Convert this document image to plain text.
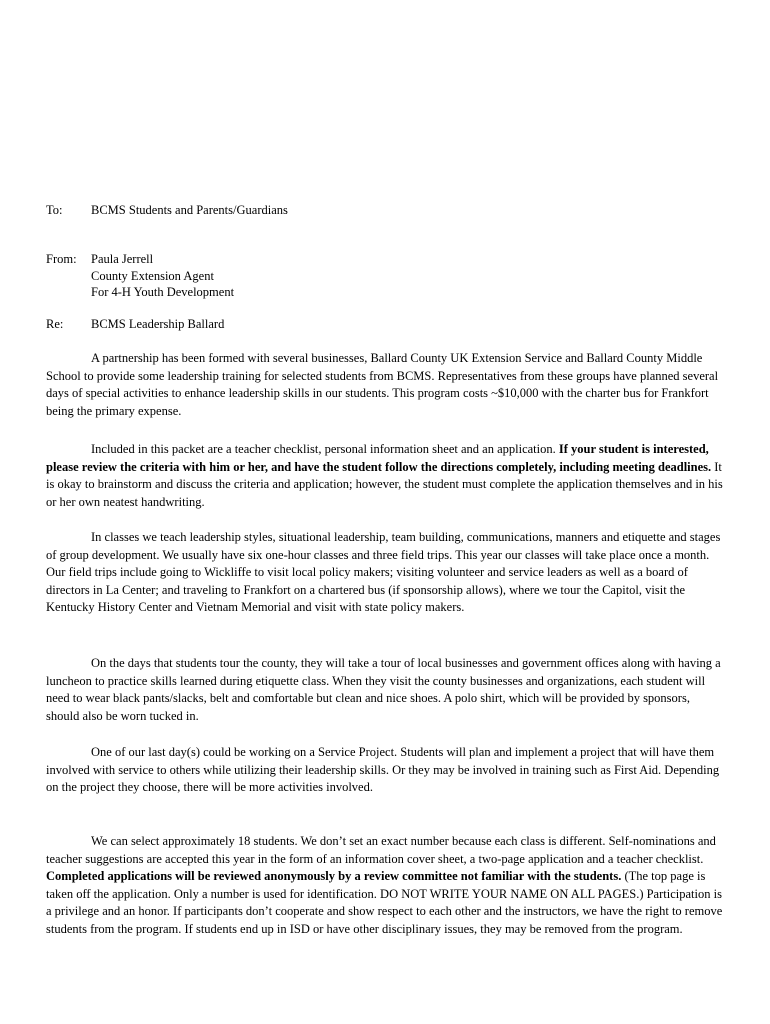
To:	BCMS Students and Parents/Guardians
From:	Paula Jerrell
County Extension Agent
For 4-H Youth Development
Re:	BCMS Leadership Ballard

A partnership has been formed with several businesses, Ballard County UK Extension Service and Ballard County Middle School to provide some leadership training for selected students from BCMS. Representatives from these groups have planned several days of special activities to enhance leadership skills in our students. This program costs ~$10,000 with the charter bus for Frankfort being the primary expense.

Included in this packet are a teacher checklist, personal information sheet and an application. If your student is interested, please review the criteria with him or her, and have the student follow the directions completely, including meeting deadlines. It is okay to brainstorm and discuss the criteria and application; however, the student must complete the application themselves and in his or her own neatest handwriting.

In classes we teach leadership styles, situational leadership, team building, communications, manners and etiquette and stages of group development. We usually have six one-hour classes and three field trips. This year our classes will take place once a month. Our field trips include going to Wickliffe to visit local policy makers; visiting volunteer and service leaders as well as a board of directors in La Center; and traveling to Frankfort on a chartered bus (if sponsorship allows), where we tour the Capitol, visit the Kentucky History Center and Vietnam Memorial and visit with state policy makers.

On the days that students tour the county, they will take a tour of local businesses and government offices along with having a luncheon to practice skills learned during etiquette class. When they visit the county businesses and organizations, each student will need to wear black pants/slacks, belt and comfortable but clean and nice shoes. A polo shirt, which will be provided by sponsors, should also be worn tucked in.

One of our last day(s) could be working on a Service Project. Students will plan and implement a project that will have them involved with service to others while utilizing their leadership skills. Or they may be involved in training such as First Aid. Depending on the project they choose, there will be more activities involved.

We can select approximately 18 students. We don’t set an exact number because each class is different. Self-nominations and teacher suggestions are accepted this year in the form of an information cover sheet, a two-page application and a teacher checklist. Completed applications will be reviewed anonymously by a review committee not familiar with the students. (The top page is taken off the application. Only a number is used for identification. DO NOT WRITE YOUR NAME ON ALL PAGES.) Participation is a privilege and an honor. If participants don’t cooperate and show respect to each other and the instructors, we have the right to remove students from the program. If students end up in ISD or have other disciplinary issues, they may be removed from the program.
